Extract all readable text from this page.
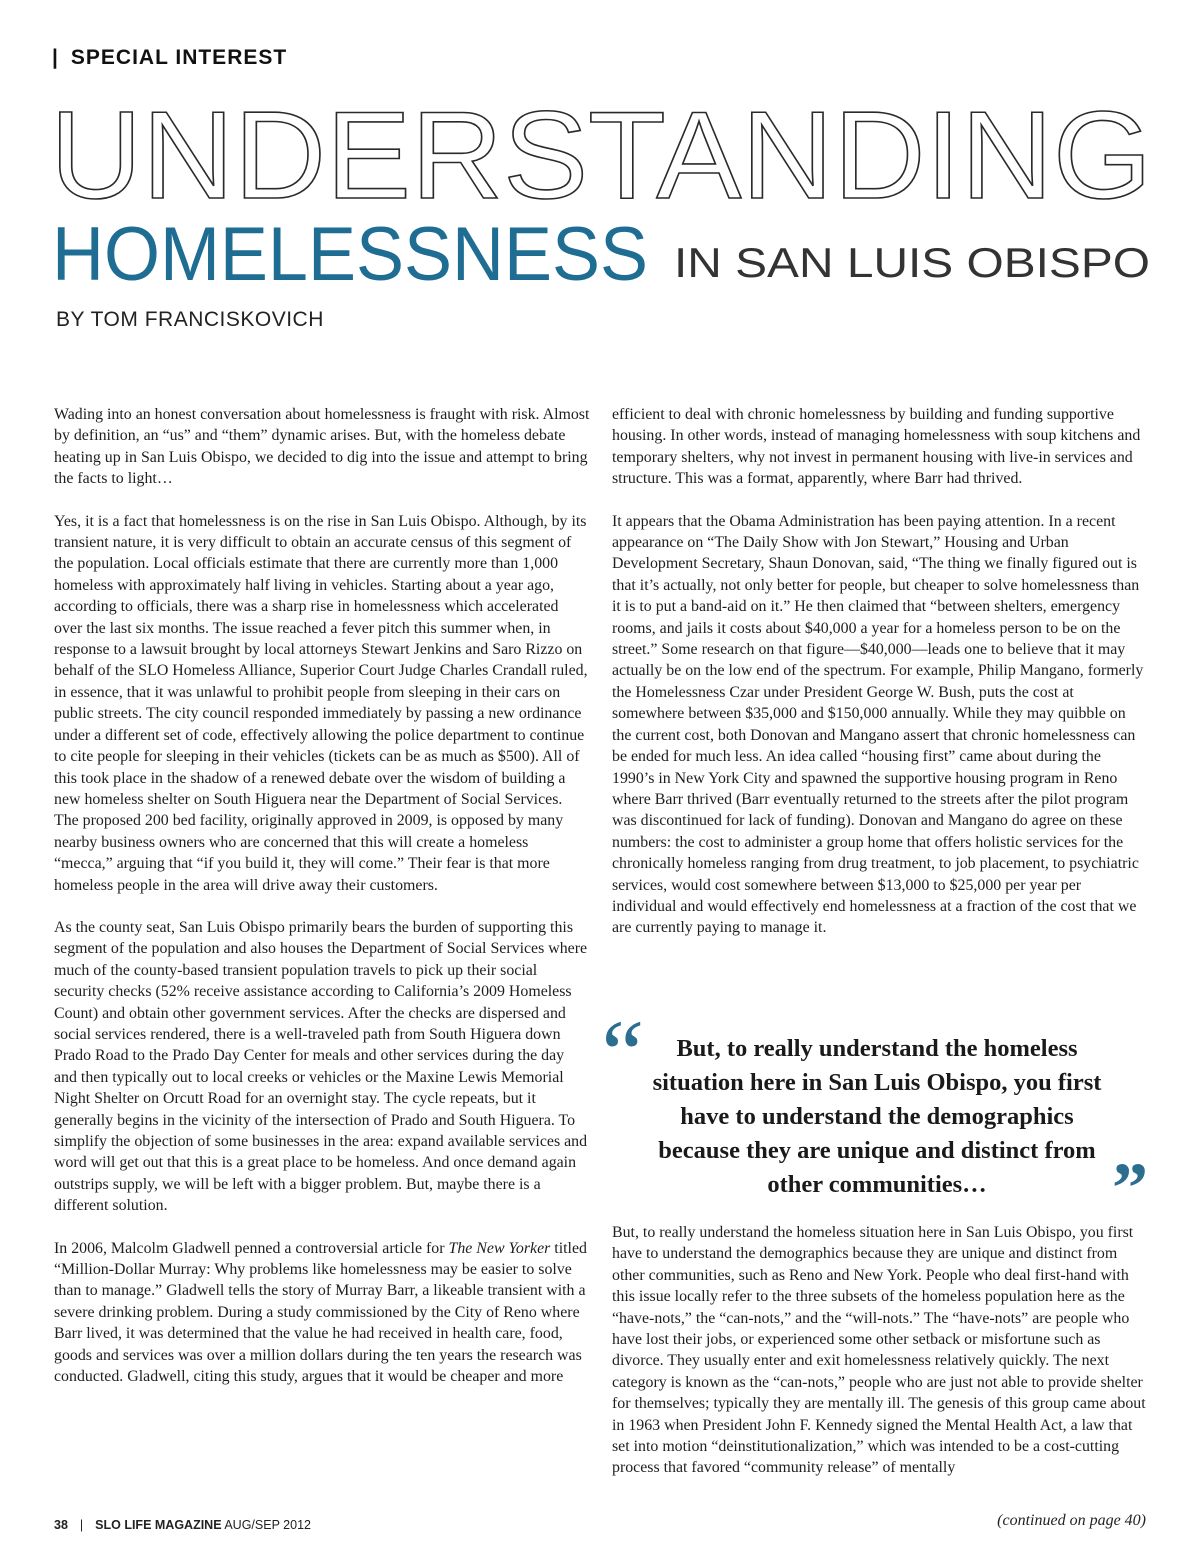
| SPECIAL INTEREST
UNDERSTANDING
HOMELESSNESS IN SAN LUIS OBISPO
BY TOM FRANCISKOVICH

Wading into an honest conversation about homelessness is fraught with risk. Almost by definition, an “us” and “them” dynamic arises. But, with the homeless debate heating up in San Luis Obispo, we decided to dig into the issue and attempt to bring the facts to light…

Yes, it is a fact that homelessness is on the rise in San Luis Obispo. Although, by its transient nature, it is very difficult to obtain an accurate census of this segment of the population. Local officials estimate that there are currently more than 1,000 homeless with approximately half living in vehicles. Starting about a year ago, according to officials, there was a sharp rise in homelessness which accelerated over the last six months. The issue reached a fever pitch this summer when, in response to a lawsuit brought by local attorneys Stewart Jenkins and Saro Rizzo on behalf of the SLO Homeless Alliance, Superior Court Judge Charles Crandall ruled, in essence, that it was unlawful to prohibit people from sleeping in their cars on public streets. The city council responded immediately by passing a new ordinance under a different set of code, effectively allowing the police department to continue to cite people for sleeping in their vehicles (tickets can be as much as $500). All of this took place in the shadow of a renewed debate over the wisdom of building a new homeless shelter on South Higuera near the Department of Social Services. The proposed 200 bed facility, originally approved in 2009, is opposed by many nearby business owners who are concerned that this will create a homeless “mecca,” arguing that “if you build it, they will come.” Their fear is that more homeless people in the area will drive away their customers.

As the county seat, San Luis Obispo primarily bears the burden of supporting this segment of the population and also houses the Department of Social Services where much of the county-based transient population travels to pick up their social security checks (52% receive assistance according to California’s 2009 Homeless Count) and obtain other government services. After the checks are dispersed and social services rendered, there is a well-traveled path from South Higuera down Prado Road to the Prado Day Center for meals and other services during the day and then typically out to local creeks or vehicles or the Maxine Lewis Memorial Night Shelter on Orcutt Road for an overnight stay. The cycle repeats, but it generally begins in the vicinity of the intersection of Prado and South Higuera. To simplify the objection of some businesses in the area: expand available services and word will get out that this is a great place to be homeless. And once demand again outstrips supply, we will be left with a bigger problem. But, maybe there is a different solution.

In 2006, Malcolm Gladwell penned a controversial article for The New Yorker titled “Million-Dollar Murray: Why problems like homelessness may be easier to solve than to manage.” Gladwell tells the story of Murray Barr, a likeable transient with a severe drinking problem. During a study commissioned by the City of Reno where Barr lived, it was determined that the value he had received in health care, food, goods and services was over a million dollars during the ten years the research was conducted. Gladwell, citing this study, argues that it would be cheaper and more

efficient to deal with chronic homelessness by building and funding supportive housing. In other words, instead of managing homelessness with soup kitchens and temporary shelters, why not invest in permanent housing with live-in services and structure. This was a format, apparently, where Barr had thrived.

It appears that the Obama Administration has been paying attention. In a recent appearance on “The Daily Show with Jon Stewart,” Housing and Urban Development Secretary, Shaun Donovan, said, “The thing we finally figured out is that it’s actually, not only better for people, but cheaper to solve homelessness than it is to put a band-aid on it.” He then claimed that “between shelters, emergency rooms, and jails it costs about $40,000 a year for a homeless person to be on the street.” Some research on that figure—$40,000—leads one to believe that it may actually be on the low end of the spectrum. For example, Philip Mangano, formerly the Homelessness Czar under President George W. Bush, puts the cost at somewhere between $35,000 and $150,000 annually. While they may quibble on the current cost, both Donovan and Mangano assert that chronic homelessness can be ended for much less. An idea called “housing first” came about during the 1990’s in New York City and spawned the supportive housing program in Reno where Barr thrived (Barr eventually returned to the streets after the pilot program was discontinued for lack of funding). Donovan and Mangano do agree on these numbers: the cost to administer a group home that offers holistic services for the chronically homeless ranging from drug treatment, to job placement, to psychiatric services, would cost somewhere between $13,000 to $25,000 per year per individual and would effectively end homelessness at a fraction of the cost that we are currently paying to manage it.

“	But, to really understand the homeless situation here in San Luis Obispo, you first have to understand the demographics because they are unique and distinct from other communities…	”

But, to really understand the homeless situation here in San Luis Obispo, you first have to understand the demographics because they are unique and distinct from other communities, such as Reno and New York. People who deal first-hand with this issue locally refer to the three subsets of the homeless population here as the “have-nots,” the “can-nots,” and the “will-nots.” The “have-nots” are people who have lost their jobs, or experienced some other setback or misfortune such as divorce. They usually enter and exit homelessness relatively quickly. The next category is known as the “can-nots,” people who are just not able to provide shelter for themselves; typically they are mentally ill. The genesis of this group came about in 1963 when President John F. Kennedy signed the Mental Health Act, a law that set into motion “deinstitutionalization,” which was intended to be a cost-cutting process that favored “community release” of mentally

38 | SLO LIFE MAGAZINE AUG/SEP 2012	(continued on page 40)
